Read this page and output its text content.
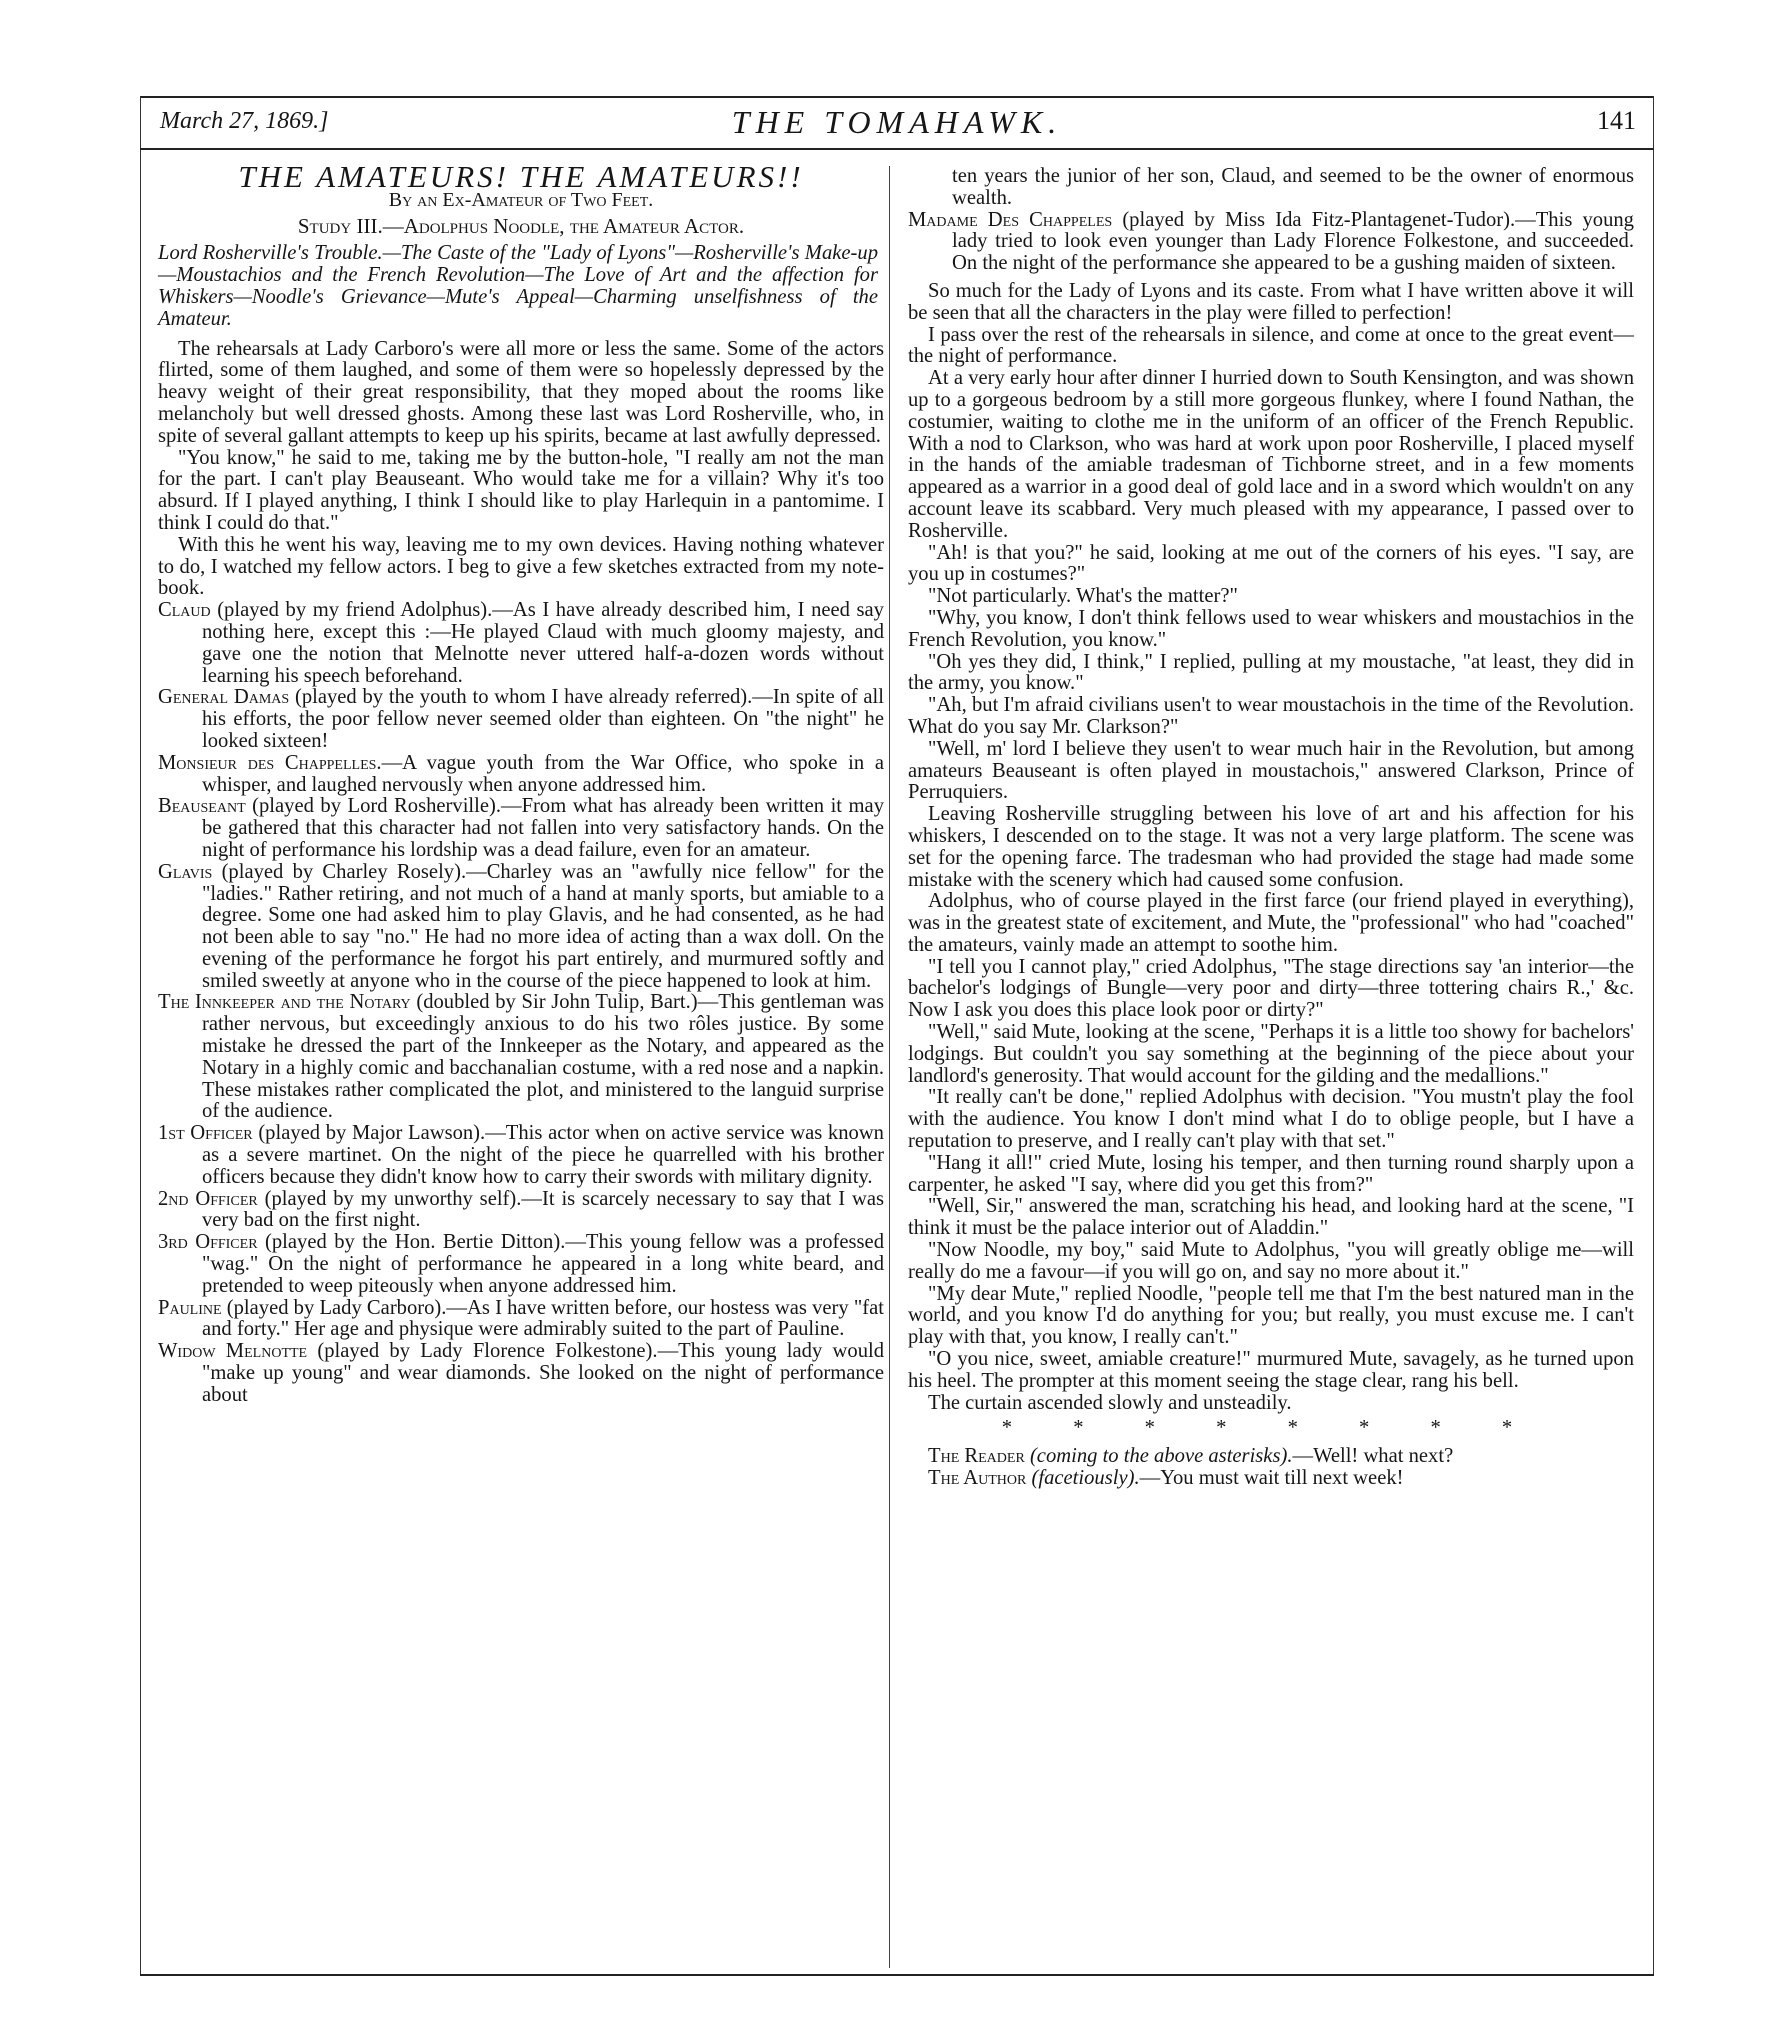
March 27, 1869.]	THE TOMAHAWK.	141

THE AMATEURS! THE AMATEURS!!

By an Ex-Amateur of Two Feet.

Study III.—Adolphus Noodle, the Amateur Actor.

Lord Rosherville's Trouble.—The Caste of the "Lady of Lyons"—Rosherville's Make-up—Moustachios and the French Revolution—The Love of Art and the affection for Whiskers—Noodle's Grievance—Mute's Appeal—Charming unselfishness of the Amateur.

The rehearsals at Lady Carboro's were all more or less the same. Some of the actors flirted, some of them laughed, and some of them were so hopelessly depressed by the heavy weight of their great responsibility, that they moped about the rooms like melancholy but well dressed ghosts. Among these last was Lord Rosherville, who, in spite of several gallant attempts to keep up his spirits, became at last awfully depressed.

"You know," he said to me, taking me by the button-hole, "I really am not the man for the part. I can't play Beauseant. Who would take me for a villain? Why it's too absurd. If I played anything, I think I should like to play Harlequin in a pantomime. I think I could do that."

With this he went his way, leaving me to my own devices. Having nothing whatever to do, I watched my fellow actors. I beg to give a few sketches extracted from my note-book.

Claud (played by my friend Adolphus).—As I have already described him, I need say nothing here, except this :—He played Claud with much gloomy majesty, and gave one the notion that Melnotte never uttered half-a-dozen words without learning his speech beforehand.

General Damas (played by the youth to whom I have already referred).—In spite of all his efforts, the poor fellow never seemed older than eighteen. On "the night" he looked sixteen!

Monsieur des Chappelles.—A vague youth from the War Office, who spoke in a whisper, and laughed nervously when anyone addressed him.

Beauseant (played by Lord Rosherville).—From what has already been written it may be gathered that this character had not fallen into very satisfactory hands. On the night of performance his lordship was a dead failure, even for an amateur.

Glavis (played by Charley Rosely).—Charley was an "awfully nice fellow" for the "ladies." Rather retiring, and not much of a hand at manly sports, but amiable to a degree. Some one had asked him to play Glavis, and he had consented, as he had not been able to say "no." He had no more idea of acting than a wax doll. On the evening of the performance he forgot his part entirely, and murmured softly and smiled sweetly at anyone who in the course of the piece happened to look at him.

The Innkeeper and the Notary (doubled by Sir John Tulip, Bart.)—This gentleman was rather nervous, but exceedingly anxious to do his two rôles justice. By some mistake he dressed the part of the Innkeeper as the Notary, and appeared as the Notary in a highly comic and bacchanalian costume, with a red nose and a napkin. These mistakes rather complicated the plot, and ministered to the languid surprise of the audience.

1st Officer (played by Major Lawson).—This actor when on active service was known as a severe martinet. On the night of the piece he quarrelled with his brother officers because they didn't know how to carry their swords with military dignity.

2nd Officer (played by my unworthy self).—It is scarcely necessary to say that I was very bad on the first night.

3rd Officer (played by the Hon. Bertie Ditton).—This young fellow was a professed "wag." On the night of performance he appeared in a long white beard, and pretended to weep piteously when anyone addressed him.

Pauline (played by Lady Carboro).—As I have written before, our hostess was very "fat and forty." Her age and physique were admirably suited to the part of Pauline.

Widow Melnotte (played by Lady Florence Folkestone).—This young lady would "make up young" and wear diamonds. She looked on the night of performance about

ten years the junior of her son, Claud, and seemed to be the owner of enormous wealth.

Madame Des Chappeles (played by Miss Ida Fitz-Plantagenet-Tudor).—This young lady tried to look even younger than Lady Florence Folkestone, and succeeded. On the night of the performance she appeared to be a gushing maiden of sixteen.

So much for the Lady of Lyons and its caste. From what I have written above it will be seen that all the characters in the play were filled to perfection!

I pass over the rest of the rehearsals in silence, and come at once to the great event—the night of performance.

At a very early hour after dinner I hurried down to South Kensington, and was shown up to a gorgeous bedroom by a still more gorgeous flunkey, where I found Nathan, the costumier, waiting to clothe me in the uniform of an officer of the French Republic. With a nod to Clarkson, who was hard at work upon poor Rosherville, I placed myself in the hands of the amiable tradesman of Tichborne street, and in a few moments appeared as a warrior in a good deal of gold lace and in a sword which wouldn't on any account leave its scabbard. Very much pleased with my appearance, I passed over to Rosherville.

"Ah! is that you?" he said, looking at me out of the corners of his eyes. "I say, are you up in costumes?"

"Not particularly. What's the matter?"

"Why, you know, I don't think fellows used to wear whiskers and moustachios in the French Revolution, you know."

"Oh yes they did, I think," I replied, pulling at my moustache, "at least, they did in the army, you know."

"Ah, but I'm afraid civilians usen't to wear moustachois in the time of the Revolution. What do you say Mr. Clarkson?"

"Well, m' lord I believe they usen't to wear much hair in the Revolution, but among amateurs Beauseant is often played in moustachois," answered Clarkson, Prince of Perruquiers.

Leaving Rosherville struggling between his love of art and his affection for his whiskers, I descended on to the stage. It was not a very large platform. The scene was set for the opening farce. The tradesman who had provided the stage had made some mistake with the scenery which had caused some confusion.

Adolphus, who of course played in the first farce (our friend played in everything), was in the greatest state of excitement, and Mute, the "professional" who had "coached" the amateurs, vainly made an attempt to soothe him.

"I tell you I cannot play," cried Adolphus, "The stage directions say 'an interior—the bachelor's lodgings of Bungle—very poor and dirty—three tottering chairs R.,' &c. Now I ask you does this place look poor or dirty?"

"Well," said Mute, looking at the scene, "Perhaps it is a little too showy for bachelors' lodgings. But couldn't you say something at the beginning of the piece about your landlord's generosity. That would account for the gilding and the medallions."

"It really can't be done," replied Adolphus with decision. "You mustn't play the fool with the audience. You know I don't mind what I do to oblige people, but I have a reputation to preserve, and I really can't play with that set."

"Hang it all!" cried Mute, losing his temper, and then turning round sharply upon a carpenter, he asked "I say, where did you get this from?"

"Well, Sir," answered the man, scratching his head, and looking hard at the scene, "I think it must be the palace interior out of Aladdin."

"Now Noodle, my boy," said Mute to Adolphus, "you will greatly oblige me—will really do me a favour—if you will go on, and say no more about it."

"My dear Mute," replied Noodle, "people tell me that I'm the best natured man in the world, and you know I'd do anything for you; but really, you must excuse me. I can't play with that, you know, I really can't."

"O you nice, sweet, amiable creature!" murmured Mute, savagely, as he turned upon his heel. The prompter at this moment seeing the stage clear, rang his bell.

The curtain ascended slowly and unsteadily.

* * * * * * * *

The Reader (coming to the above asterisks).—Well! what next?

The Author (facetiously).—You must wait till next week!
